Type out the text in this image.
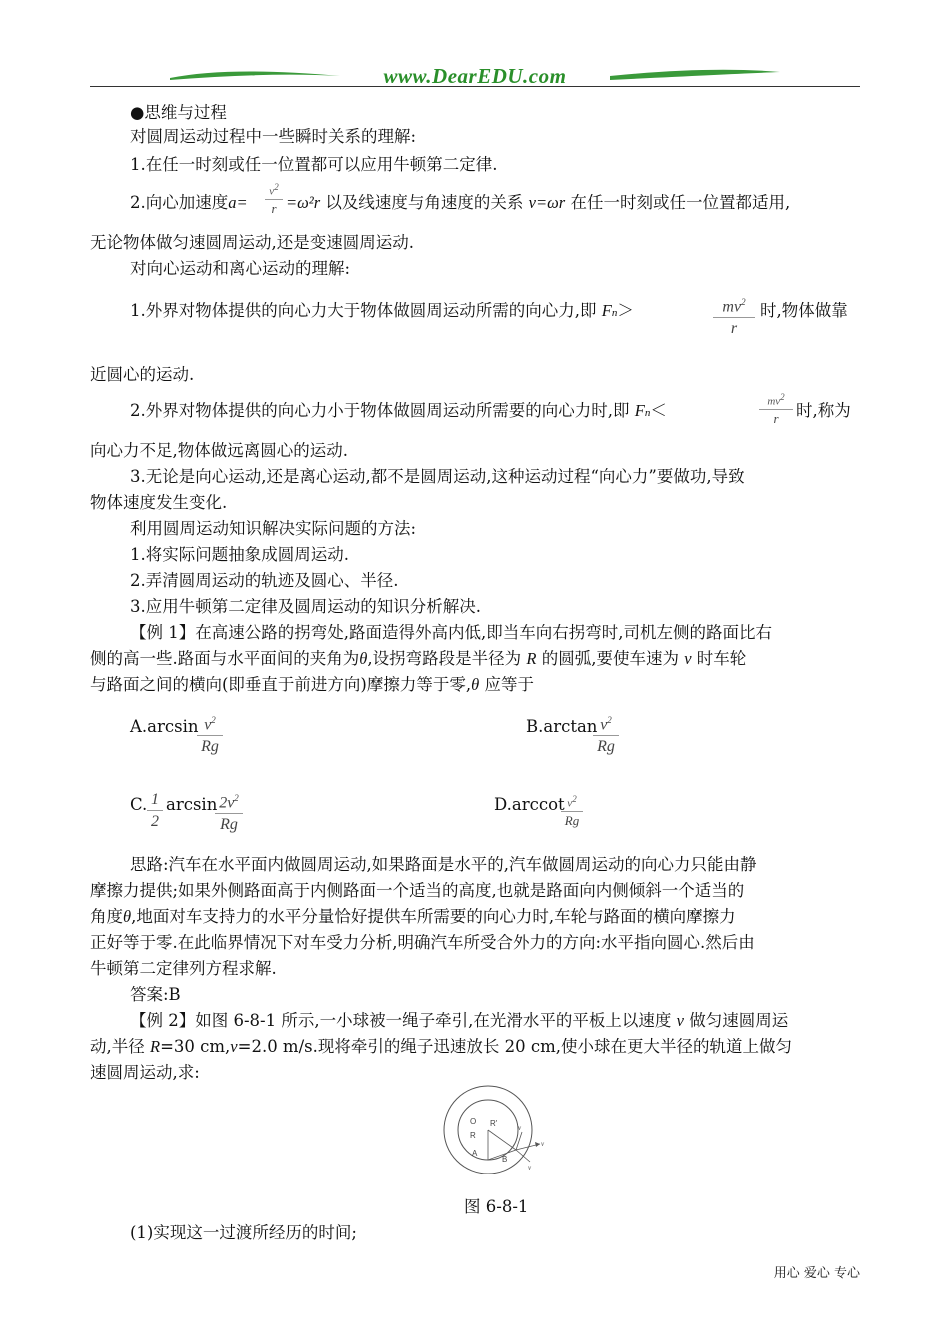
www.DearEDU.com
●思维与过程
对圆周运动过程中一些瞬时关系的理解:
1.在任一时刻或任一位置都可以应用牛顿第二定律.
2.向心加速度a=
$v^2$
r =ω²r 以及线速度与角速度的关系 v=ωr 在任一时刻或任一位置都适用,
无论物体做匀速圆周运动,还是变速圆周运动.
对向心运动和离心运动的理解:
1.外界对物体提供的向心力大于物体做圆周运动所需的向心力,即 Fn＞	$mv^2$
r
时,物体做靠
近圆心的运动.
2.外界对物体提供的向心力小于物体做圆周运动所需要的向心力时,即 Fn＜	$mv^2$
r	时,称为
向心力不足,物体做远离圆心的运动.
3.无论是向心运动,还是离心运动,都不是圆周运动,这种运动过程“向心力”要做功,导致
物体速度发生变化.
利用圆周运动知识解决实际问题的方法:
1.将实际问题抽象成圆周运动.
2.弄清圆周运动的轨迹及圆心、半径.
3.应用牛顿第二定律及圆周运动的知识分析解决.
【例 1】在高速公路的拐弯处,路面造得外高内低,即当车向右拐弯时,司机左侧的路面比右
侧的高一些.路面与水平面间的夹角为θ,设拐弯路段是半径为 R 的圆弧,要使车速为 v 时车轮
与路面之间的横向(即垂直于前进方向)摩擦力等于零,θ 应等于
A.arcsin $v^2$
Rg
B.arctan $v^2$
Rg
C. 1
2
$\arcsin 2v^2$
Rg
D.arccot $v^2$
Rg
思路:汽车在水平面内做圆周运动,如果路面是水平的,汽车做圆周运动的向心力只能由静
摩擦力提供;如果外侧路面高于内侧路面一个适当的高度,也就是路面向内侧倾斜一个适当的
角度θ,地面对车支持力的水平分量恰好提供车所需要的向心力时,车轮与路面的横向摩擦力
正好等于零.在此临界情况下对车受力分析,明确汽车所受合外力的方向:水平指向圆心.然后由
牛顿第二定律列方程求解.
答案:B
【例 2】如图 6-8-1 所示,一小球被一绳子牵引,在光滑水平的平板上以速度 v 做匀速圆周运
动,半径 R=30 cm,v=2.0 m/s.现将牵引的绳子迅速放长 20 cm,使小球在更大半径的轨道上做匀
速圆周运动,求:
O
R
R'
A
B
v
v
v
图 6-8-1
(1)实现这一过渡所经历的时间;
用心 爱心 专心
